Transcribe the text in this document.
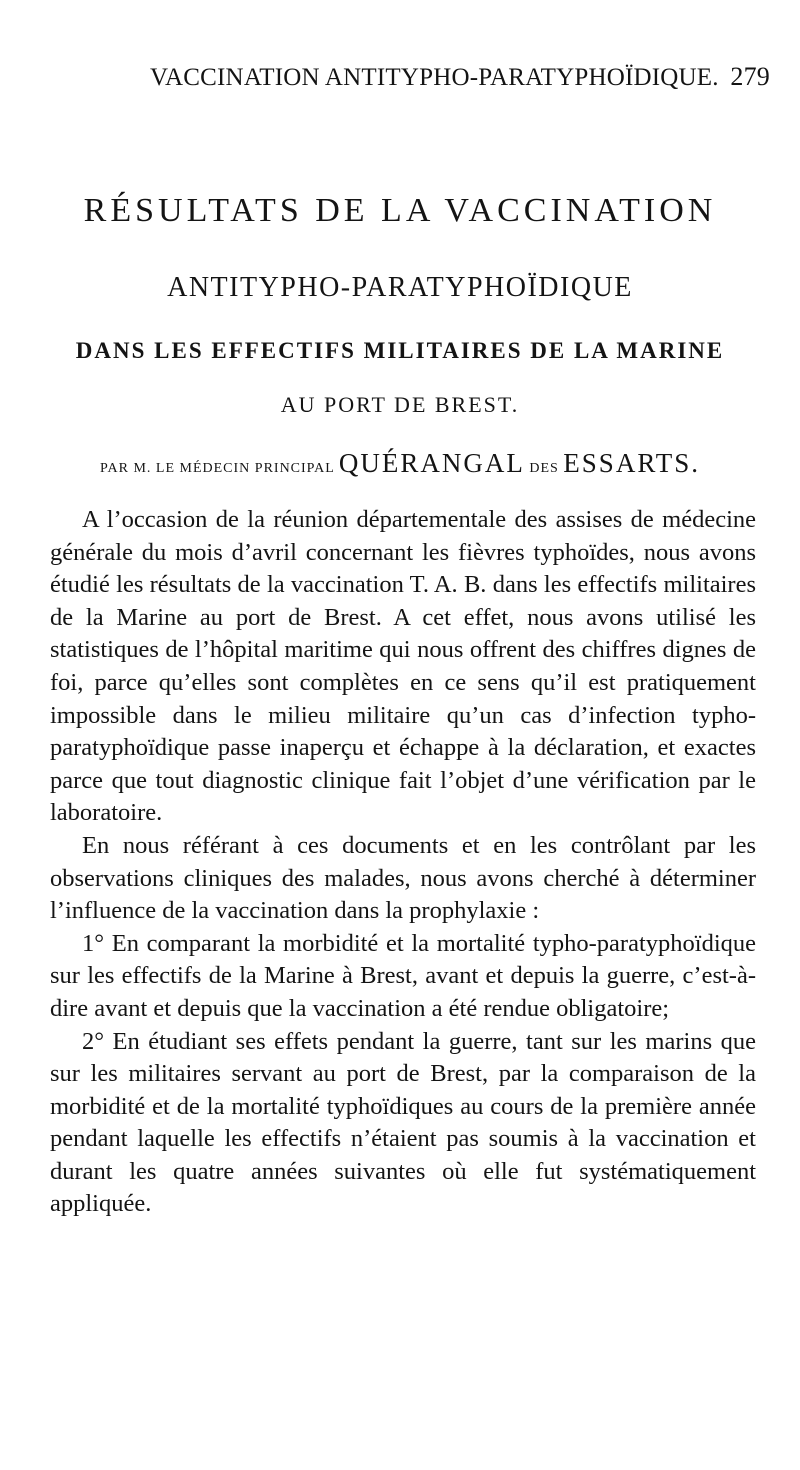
VACCINATION ANTITYPHO-PARATYPHOÏDIQUE. 279
RÉSULTATS DE LA VACCINATION
ANTITYPHO-PARATYPHOÏDIQUE
DANS LES EFFECTIFS MILITAIRES DE LA MARINE
AU PORT DE BREST.
PAR M. LE MÉDECIN PRINCIPAL QUÉRANGAL DES ESSARTS.

A l’occasion de la réunion départementale des assises de médecine générale du mois d’avril concernant les fièvres typhoïdes, nous avons étudié les résultats de la vaccination T. A. B. dans les effectifs militaires de la Marine au port de Brest. A cet effet, nous avons utilisé les statistiques de l’hôpital maritime qui nous offrent des chiffres dignes de foi, parce qu’elles sont complètes en ce sens qu’il est pratiquement impossible dans le milieu militaire qu’un cas d’infection typho-paratyphoïdique passe inaperçu et échappe à la déclaration, et exactes parce que tout diagnostic clinique fait l’objet d’une vérification par le laboratoire.

En nous référant à ces documents et en les contrôlant par les observations cliniques des malades, nous avons cherché à déterminer l’influence de la vaccination dans la prophylaxie :

1° En comparant la morbidité et la mortalité typho-paratyphoïdique sur les effectifs de la Marine à Brest, avant et depuis la guerre, c’est-à-dire avant et depuis que la vaccination a été rendue obligatoire;

2° En étudiant ses effets pendant la guerre, tant sur les marins que sur les militaires servant au port de Brest, par la comparaison de la morbidité et de la mortalité typhoïdiques au cours de la première année pendant laquelle les effectifs n’étaient pas soumis à la vaccination et durant les quatre années suivantes où elle fut systématiquement appliquée.
